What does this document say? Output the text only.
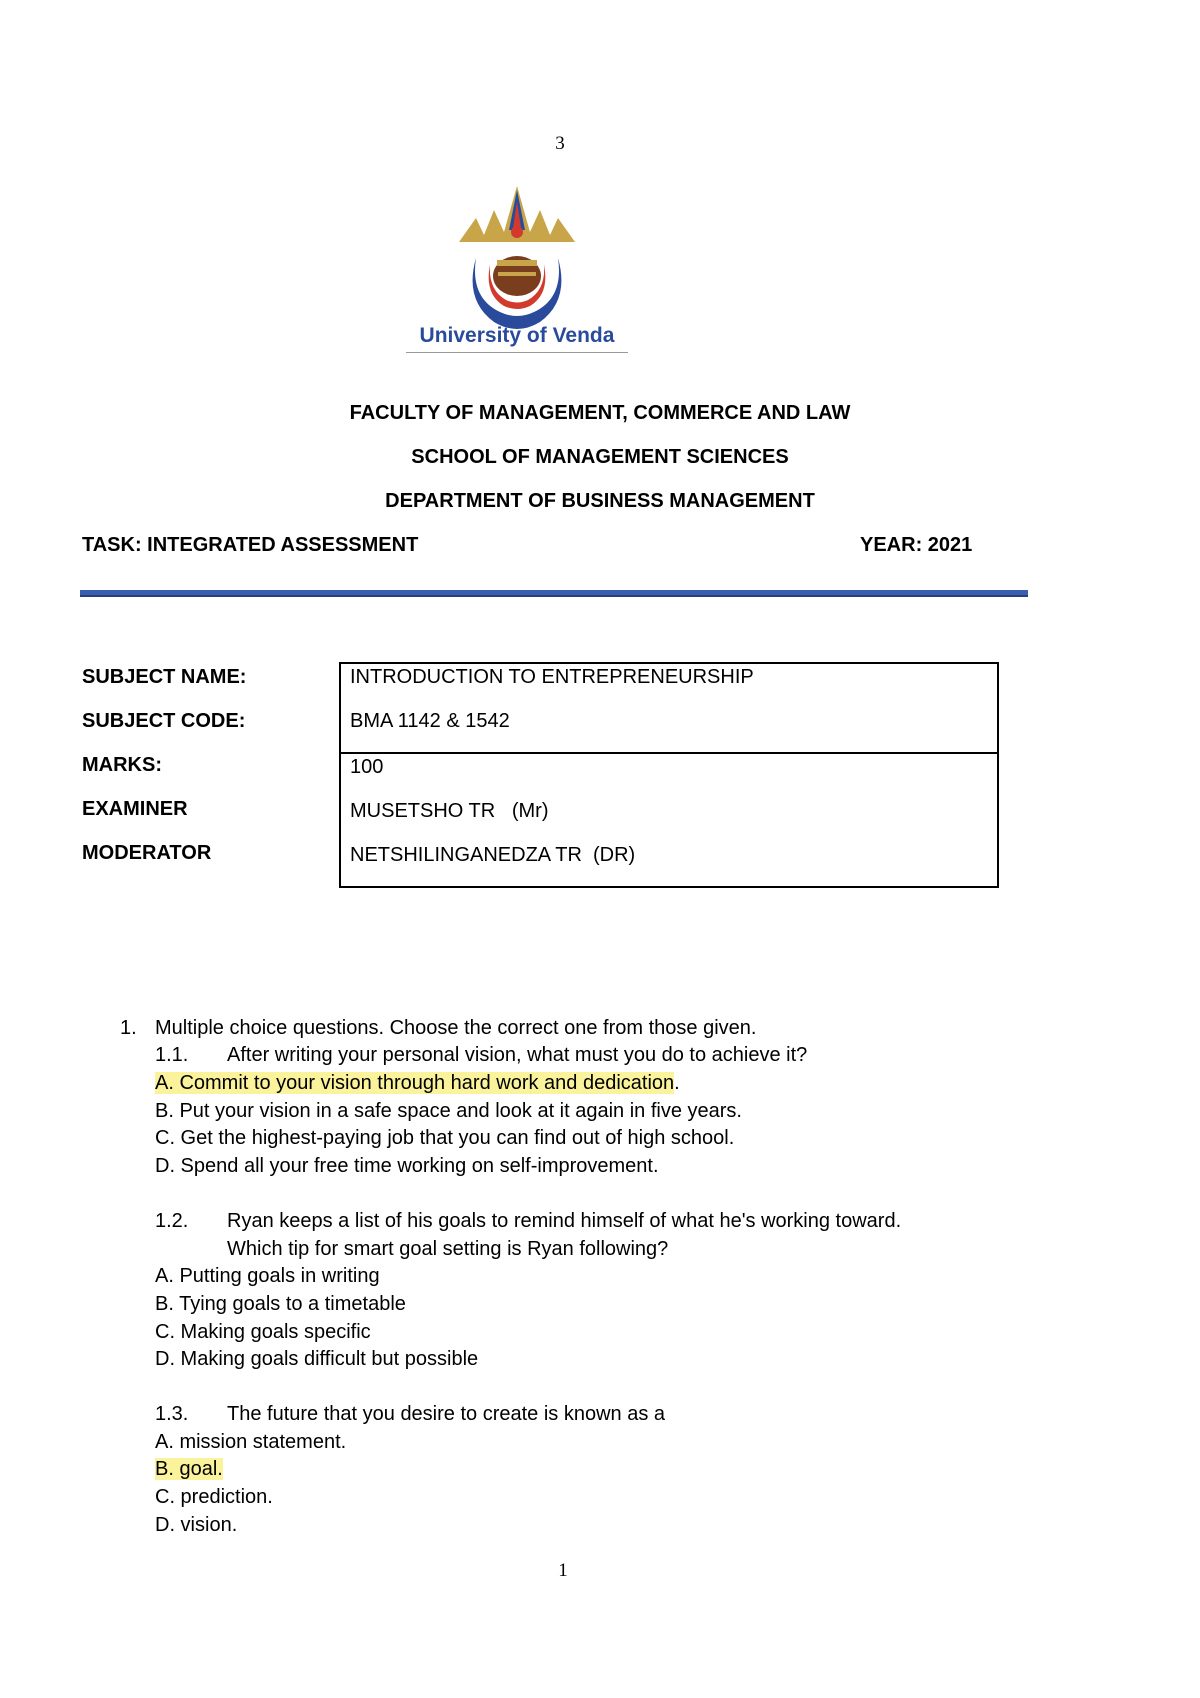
3
University of Venda
FACULTY OF MANAGEMENT, COMMERCE AND LAW
SCHOOL OF MANAGEMENT SCIENCES
DEPARTMENT OF BUSINESS MANAGEMENT
TASK: INTEGRATED ASSESSMENT	YEAR: 2021
SUBJECT NAME:	INTRODUCTION TO ENTREPRENEURSHIP
SUBJECT CODE:	BMA 1142 & 1542
MARKS:	100
EXAMINER	MUSETSHO TR   (Mr)
MODERATOR	NETSHILINGANEDZA TR  (DR)
1. Multiple choice questions. Choose the correct one from those given.
1.1. After writing your personal vision, what must you do to achieve it?
A. Commit to your vision through hard work and dedication.
B. Put your vision in a safe space and look at it again in five years.
C. Get the highest-paying job that you can find out of high school.
D. Spend all your free time working on self-improvement.
1.2. Ryan keeps a list of his goals to remind himself of what he's working toward.
Which tip for smart goal setting is Ryan following?
A. Putting goals in writing
B. Tying goals to a timetable
C. Making goals specific
D. Making goals difficult but possible
1.3. The future that you desire to create is known as a
A. mission statement.
B. goal.
C. prediction.
D. vision.
1
